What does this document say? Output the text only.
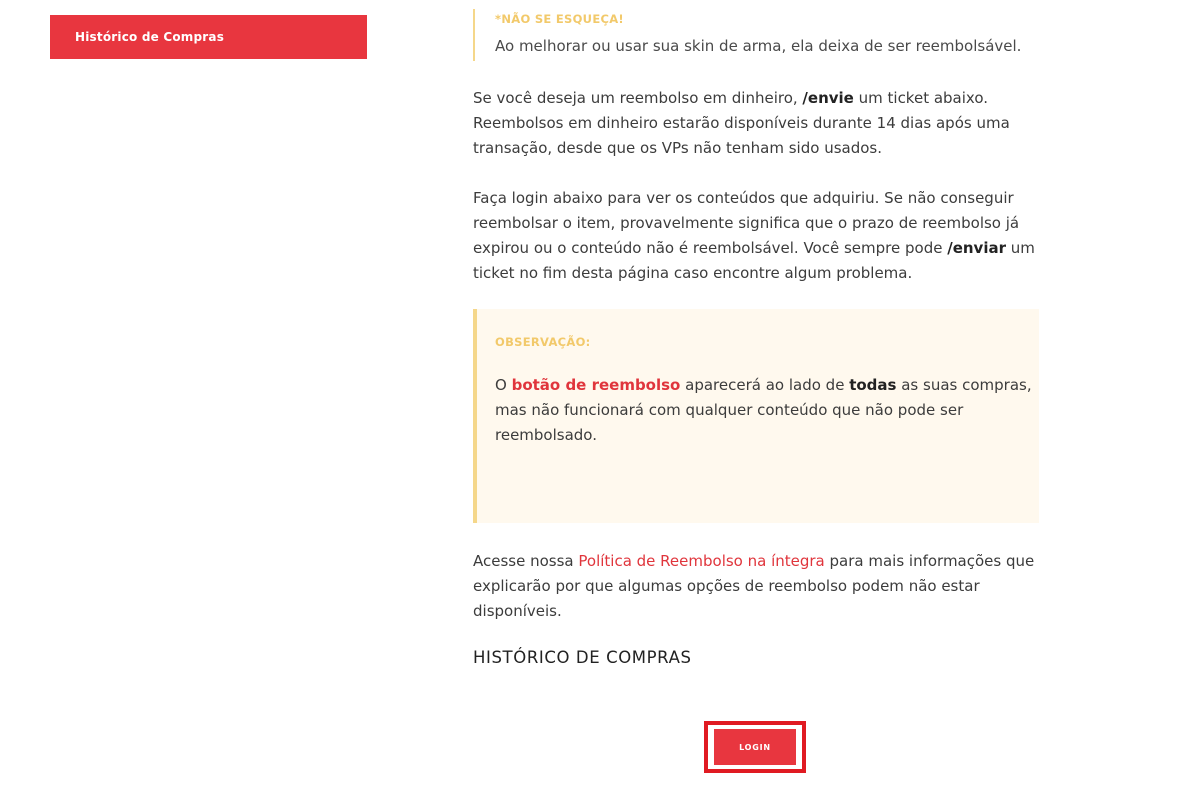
Histórico de Compras
*NÃO SE ESQUEÇA!
Ao melhorar ou usar sua skin de arma, ela deixa de ser reembolsável.
Se você deseja um reembolso em dinheiro, /envie um ticket abaixo.
Reembolsos em dinheiro estarão disponíveis durante 14 dias após uma
transação, desde que os VPs não tenham sido usados.
Faça login abaixo para ver os conteúdos que adquiriu. Se não conseguir
reembolsar o item, provavelmente significa que o prazo de reembolso já
expirou ou o conteúdo não é reembolsável. Você sempre pode /enviar um
ticket no fim desta página caso encontre algum problema.
OBSERVAÇÃO:
O botão de reembolso aparecerá ao lado de todas as suas compras,
mas não funcionará com qualquer conteúdo que não pode ser
reembolsado.
Acesse nossa Política de Reembolso na íntegra para mais informações que
explicarão por que algumas opções de reembolso podem não estar
disponíveis.
HISTÓRICO DE COMPRAS
LOGIN
